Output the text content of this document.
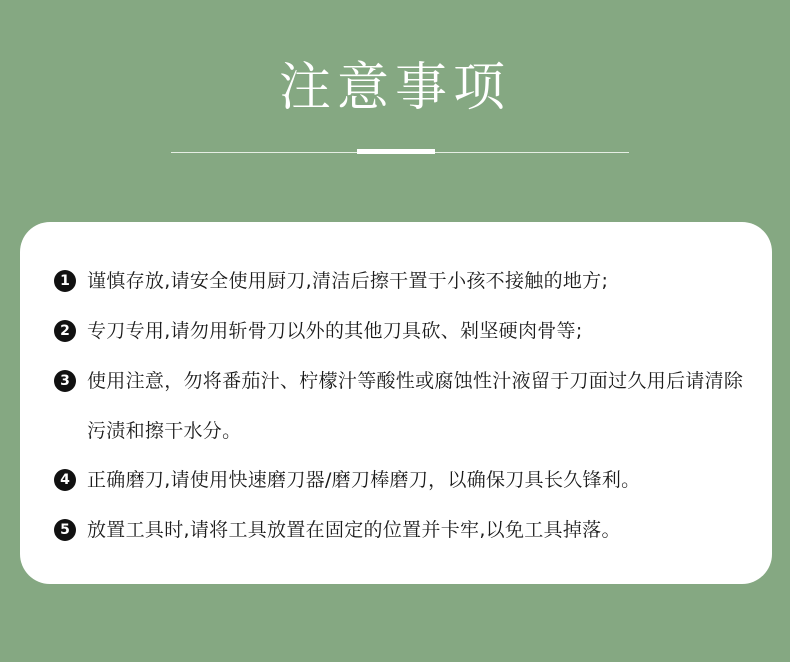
注意事项
1 谨慎存放,请安全使用厨刀,清洁后擦干置于小孩不接触的地方;
2 专刀专用,请勿用斩骨刀以外的其他刀具砍、剁坚硬肉骨等;
3 使用注意，勿将番茄汁、柠檬汁等酸性或腐蚀性汁液留于刀面过久用后请清除污渍和擦干水分。
4 正确磨刀,请使用快速磨刀器/磨刀棒磨刀，以确保刀具长久锋利。
5 放置工具时,请将工具放置在固定的位置并卡牢,以免工具掉落。
